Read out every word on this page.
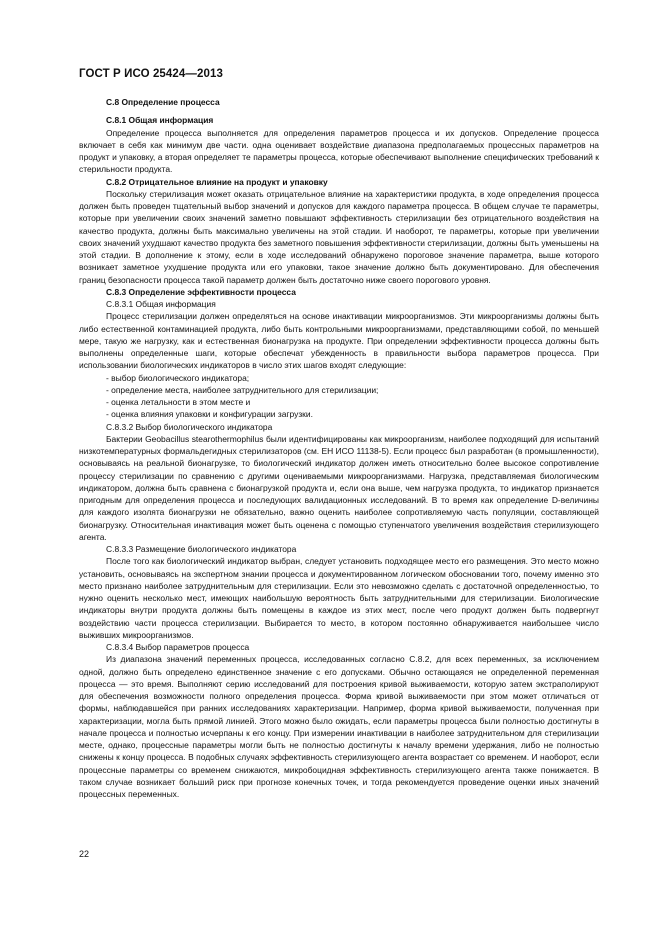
ГОСТ Р ИСО 25424—2013
С.8 Определение процесса
С.8.1 Общая информация

Определение процесса выполняется для определения параметров процесса и их допусков. Определение процесса включает в себя как минимум две части. одна оценивает воздействие диапазона предполагаемых процессных параметров на продукт и упаковку, а вторая определяет те параметры процесса, которые обеспечивают выполнение специфических требований к стерильности продукта.

С.8.2 Отрицательное влияние на продукт и упаковку

Поскольку стерилизация может оказать отрицательное влияние на характеристики продукта, в ходе определения процесса должен быть проведен тщательный выбор значений и допусков для каждого параметра процесса. В общем случае те параметры, которые при увеличении своих значений заметно повышают эффективность стерилизации без отрицательного воздействия на качество продукта, должны быть максимально увеличены на этой стадии. И наоборот, те параметры, которые при увеличении своих значений ухудшают качество продукта без заметного повышения эффективности стерилизации, должны быть уменьшены на этой стадии. В дополнение к этому, если в ходе исследований обнаружено пороговое значение параметра, выше которого возникает заметное ухудшение продукта или его упаковки, такое значение должно быть документировано. Для обеспечения границ безопасности процесса такой параметр должен быть достаточно ниже своего порогового уровня.

С.8.3 Определение эффективности процесса
С.8.3.1 Общая информация

Процесс стерилизации должен определяться на основе инактивации микроорганизмов. Эти микроорганизмы должны быть либо естественной контаминацией продукта, либо быть контрольными микроорганизмами, представляющими собой, по меньшей мере, такую же нагрузку, как и естественная бионагрузка на продукте. При определении эффективности процесса должны быть выполнены определенные шаги, которые обеспечат убежденность в правильности выбора параметров процесса. При использовании биологических индикаторов в число этих шагов входят следующие:

- выбор биологического индикатора;
- определение места, наиболее затруднительного для стерилизации;
- оценка летальности в этом месте и
- оценка влияния упаковки и конфигурации загрузки.
С.8.3.2 Выбор биологического индикатора

Бактерии Geobacillus stearothermophilus были идентифицированы как микроорганизм, наиболее подходящий для испытаний низкотемпературных формальдегидных стерилизаторов (см. ЕН ИСО 11138-5). Если процесс был разработан (в промышленности), основываясь на реальной бионагрузке, то биологический индикатор должен иметь относительно более высокое сопротивление процессу стерилизации по сравнению с другими оцениваемыми микроорганизмами. Нагрузка, представляемая биологическим индикатором, должна быть сравнена с бионагрузкой продукта и, если она выше, чем нагрузка продукта, то индикатор признается пригодным для определения процесса и последующих валидационных исследований. В то время как определение D-величины для каждого изолята бионагрузки не обязательно, важно оценить наиболее сопротивляемую часть популяции, составляющей бионагрузку. Относительная инактивация может быть оценена с помощью ступенчатого увеличения воздействия стерилизующего агента.

С.8.3.3 Размещение биологического индикатора

После того как биологический индикатор выбран, следует установить подходящее место его размещения. Это место можно установить, основываясь на экспертном знании процесса и документированном логическом обосновании того, почему именно это место признано наиболее затруднительным для стерилизации. Если это невозможно сделать с достаточной определенностью, то нужно оценить несколько мест, имеющих наибольшую вероятность быть затруднительными для стерилизации. Биологические индикаторы внутри продукта должны быть помещены в каждое из этих мест, после чего продукт должен быть подвергнут воздействию части процесса стерилизации. Выбирается то место, в котором постоянно обнаруживается наибольшее число выживших микроорганизмов.

С.8.3.4 Выбор параметров процесса

Из диапазона значений переменных процесса, исследованных согласно С.8.2, для всех переменных, за исключением одной, должно быть определено единственное значение с его допусками. Обычно остающаяся не определенной переменная процесса — это время. Выполняют серию исследований для построения кривой выживаемости, которую затем экстраполируют для обеспечения возможности полного определения процесса. Форма кривой выживаемости при этом может отличаться от формы, наблюдавшейся при ранних исследованиях характеризации. Например, форма кривой выживаемости, полученная при характеризации, могла быть прямой линией. Этого можно было ожидать, если параметры процесса были полностью достигнуты в начале процесса и полностью исчерпаны к его концу. При измерении инактивации в наиболее затруднительном для стерилизации месте, однако, процессные параметры могли быть не полностью достигнуты к началу времени удержания, либо не полностью снижены к концу процесса. В подобных случаях эффективность стерилизующего агента возрастает со временем. И наоборот, если процессные параметры со временем снижаются, микробоцидная эффективность стерилизующего агента также понижается. В таком случае возникает больший риск при прогнозе конечных точек, и тогда рекомендуется проведение оценки иных значений процессных переменных.

22
